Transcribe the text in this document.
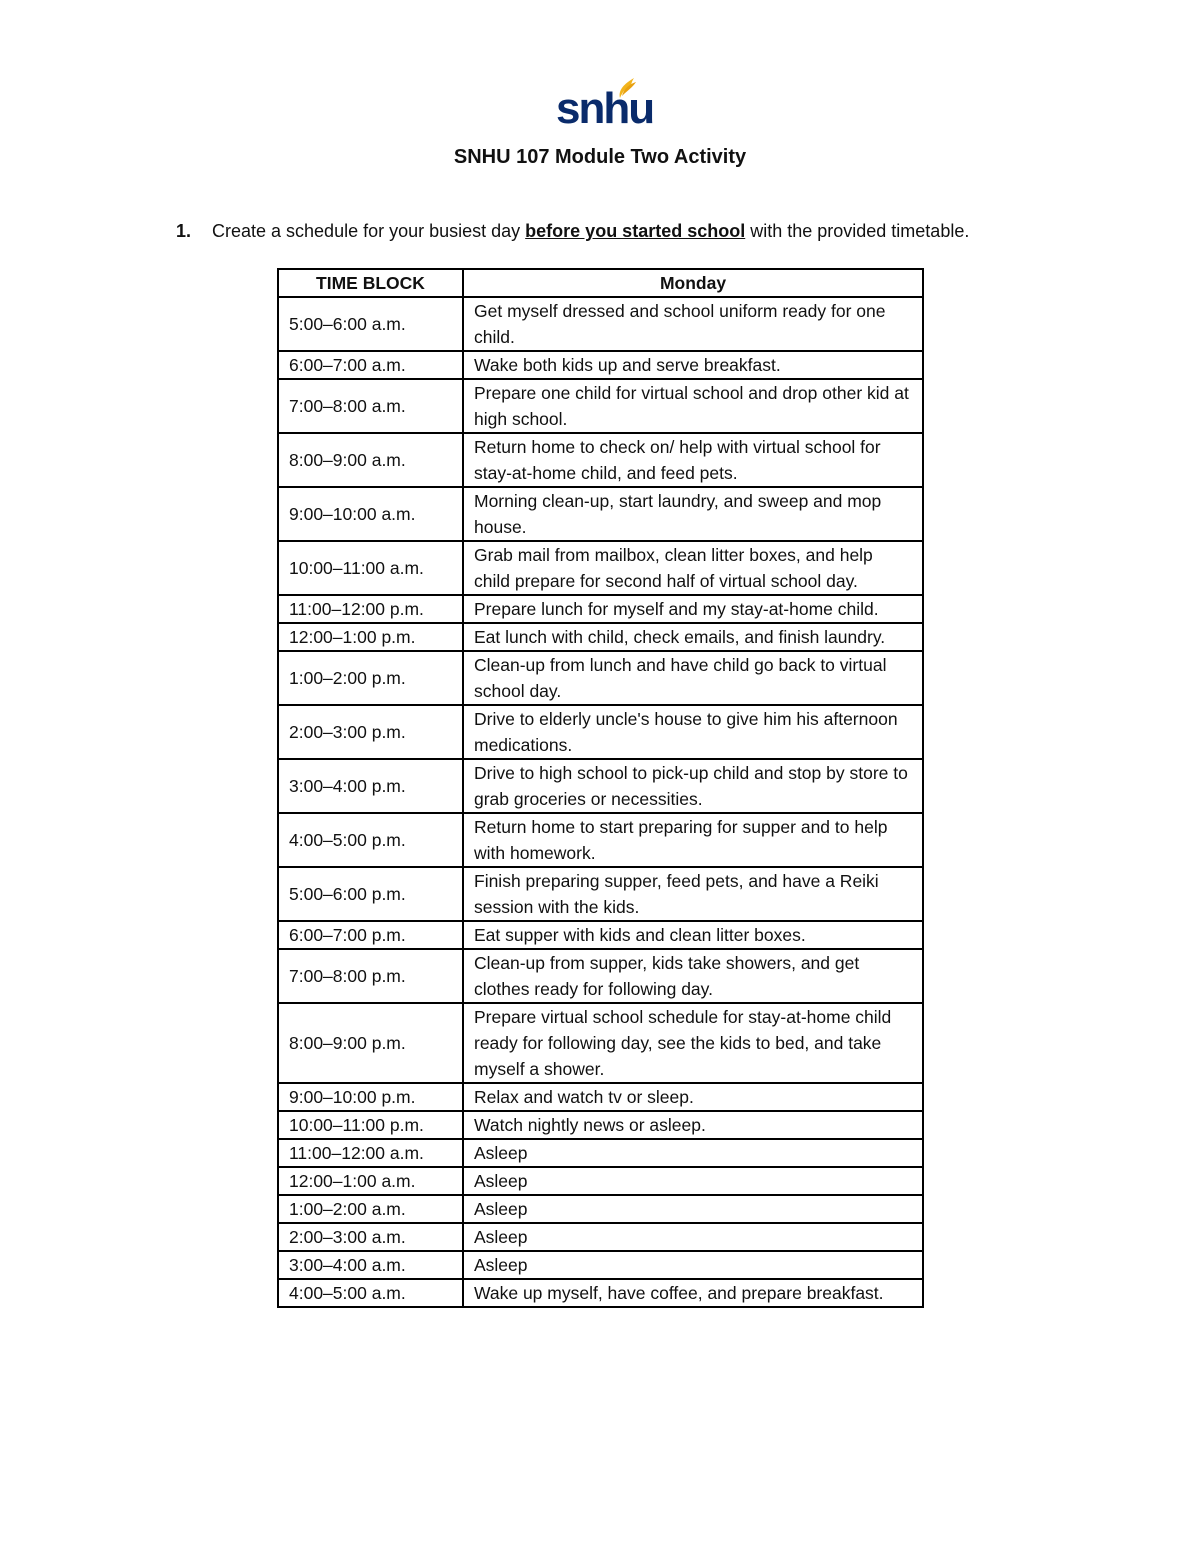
snhu
SNHU 107 Module Two Activity
1. Create a schedule for your busiest day before you started school with the provided timetable.
TIME BLOCK	Monday
5:00–6:00 a.m.	Get myself dressed and school uniform ready for one child.
6:00–7:00 a.m.	Wake both kids up and serve breakfast.
7:00–8:00 a.m.	Prepare one child for virtual school and drop other kid at high school.
8:00–9:00 a.m.	Return home to check on/ help with virtual school for stay-at-home child, and feed pets.
9:00–10:00 a.m.	Morning clean-up, start laundry, and sweep and mop house.
10:00–11:00 a.m.	Grab mail from mailbox, clean litter boxes, and help child prepare for second half of virtual school day.
11:00–12:00 p.m.	Prepare lunch for myself and my stay-at-home child.
12:00–1:00 p.m.	Eat lunch with child, check emails, and finish laundry.
1:00–2:00 p.m.	Clean-up from lunch and have child go back to virtual school day.
2:00–3:00 p.m.	Drive to elderly uncle's house to give him his afternoon medications.
3:00–4:00 p.m.	Drive to high school to pick-up child and stop by store to grab groceries or necessities.
4:00–5:00 p.m.	Return home to start preparing for supper and to help with homework.
5:00–6:00 p.m.	Finish preparing supper, feed pets, and have a Reiki session with the kids.
6:00–7:00 p.m.	Eat supper with kids and clean litter boxes.
7:00–8:00 p.m.	Clean-up from supper, kids take showers, and get clothes ready for following day.
8:00–9:00 p.m.	Prepare virtual school schedule for stay-at-home child ready for following day, see the kids to bed, and take myself a shower.
9:00–10:00 p.m.	Relax and watch tv or sleep.
10:00–11:00 p.m.	Watch nightly news or asleep.
11:00–12:00 a.m.	Asleep
12:00–1:00 a.m.	Asleep
1:00–2:00 a.m.	Asleep
2:00–3:00 a.m.	Asleep
3:00–4:00 a.m.	Asleep
4:00–5:00 a.m.	Wake up myself, have coffee, and prepare breakfast.
